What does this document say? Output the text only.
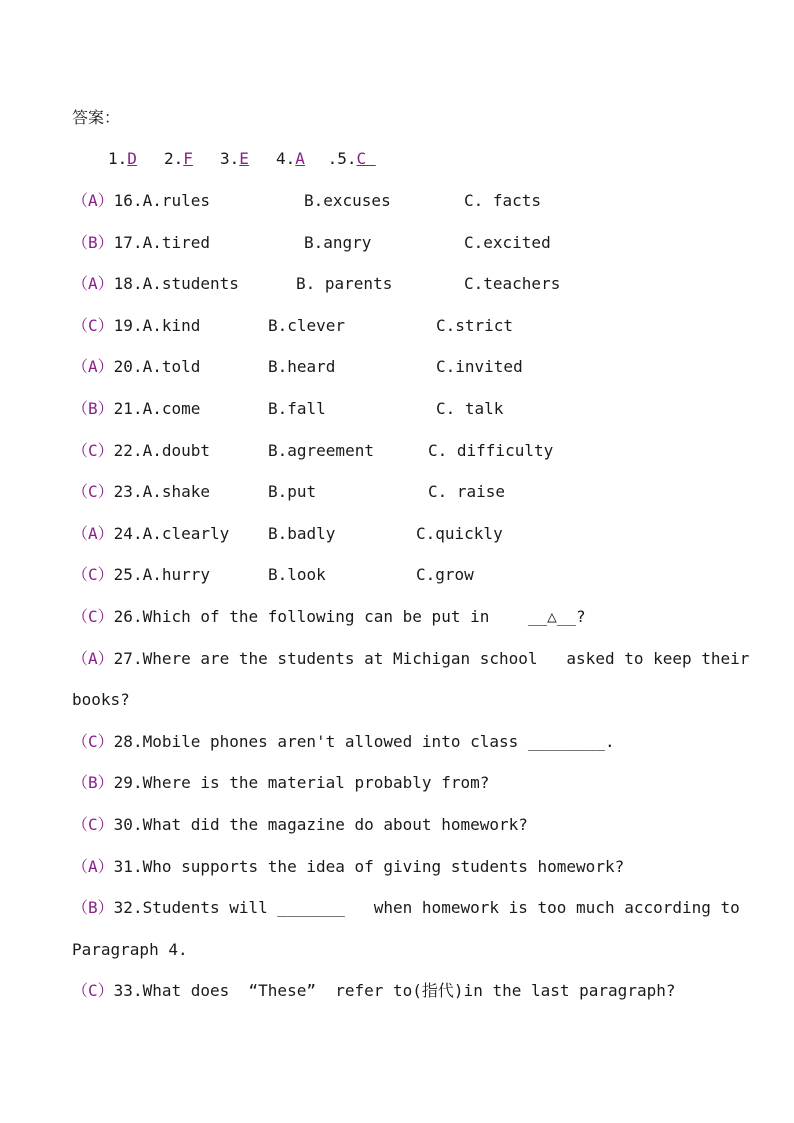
答案：
1.D 2.F 3.E 4.A .5.C
（A）16.A.rules	B.excuses	C. facts
（B）17.A.tired	B.angry	C.excited
（A）18.A.students	B. parents	C.teachers
（C）19.A.kind	B.clever	C.strict
（A）20.A.told	B.heard	C.invited
（B）21.A.come	B.fall	C. talk
（C）22.A.doubt	B.agreement	C. difficulty
（C）23.A.shake	B.put	C. raise
（A）24.A.clearly B.badly	C.quickly
（C）25.A.hurry	B.look	C.grow
（C）26.Which of the following can be put in    __△__?
（A）27.Where are the students at Michigan school   asked to keep their
books?
（C）28.Mobile phones aren't allowed into class ________.
（B）29.Where is the material probably from?
（C）30.What did the magazine do about homework?
（A）31.Who supports the idea of giving students homework?
（B）32.Students will _______   when homework is too much according to
Paragraph 4.
（C）33.What does  “These”  refer to(指代)in the last paragraph?
